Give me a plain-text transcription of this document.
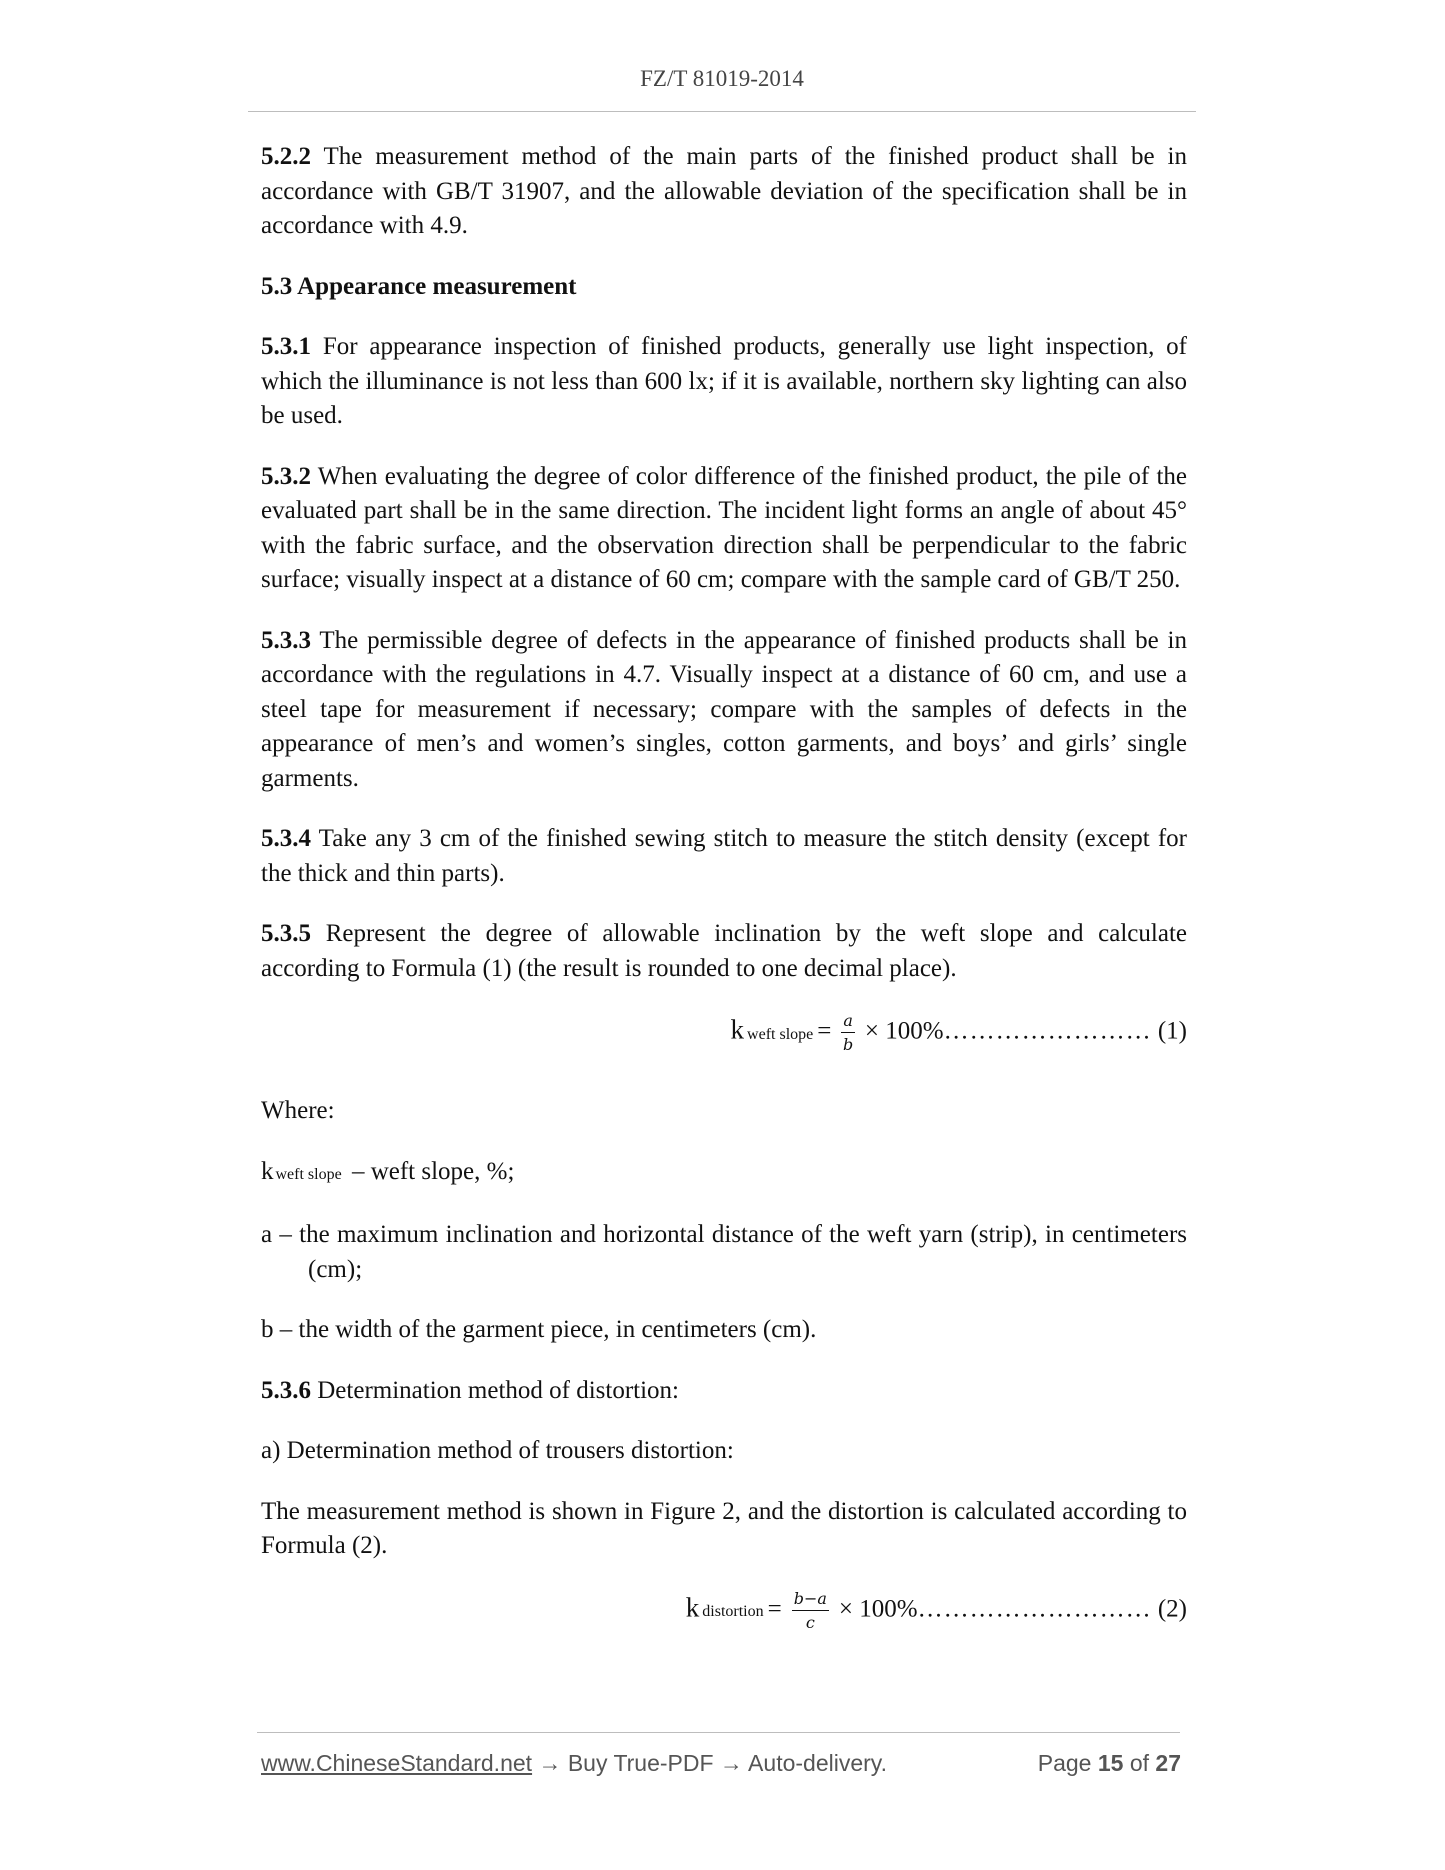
FZ/T 81019-2014

5.2.2 The measurement method of the main parts of the finished product shall be in accordance with GB/T 31907, and the allowable deviation of the specification shall be in accordance with 4.9.

5.3 Appearance measurement

5.3.1 For appearance inspection of finished products, generally use light inspection, of which the illuminance is not less than 600 lx; if it is available, northern sky lighting can also be used.

5.3.2 When evaluating the degree of color difference of the finished product, the pile of the evaluated part shall be in the same direction. The incident light forms an angle of about 45° with the fabric surface, and the observation direction shall be perpendicular to the fabric surface; visually inspect at a distance of 60 cm; compare with the sample card of GB/T 250.

5.3.3 The permissible degree of defects in the appearance of finished products shall be in accordance with the regulations in 4.7. Visually inspect at a distance of 60 cm, and use a steel tape for measurement if necessary; compare with the samples of defects in the appearance of men’s and women’s singles, cotton garments, and boys’ and girls’ single garments.

5.3.4 Take any 3 cm of the finished sewing stitch to measure the stitch density (except for the thick and thin parts).

5.3.5 Represent the degree of allowable inclination by the weft slope and calculate according to Formula (1) (the result is rounded to one decimal place).

kweft slope = $\frac{a}{b}$ × 100%…………………… (1)

Where:

kweft slope – weft slope, %;

a – the maximum inclination and horizontal distance of the weft yarn (strip), in centimeters (cm);

b – the width of the garment piece, in centimeters (cm).

5.3.6 Determination method of distortion:

a) Determination method of trousers distortion:

The measurement method is shown in Figure 2, and the distortion is calculated according to Formula (2).

kdistortion = $\frac{b-a}{c}$ × 100%……………………… (2)
www.ChineseStandard.net → Buy True-PDF → Auto-delivery.	Page 15 of 27
